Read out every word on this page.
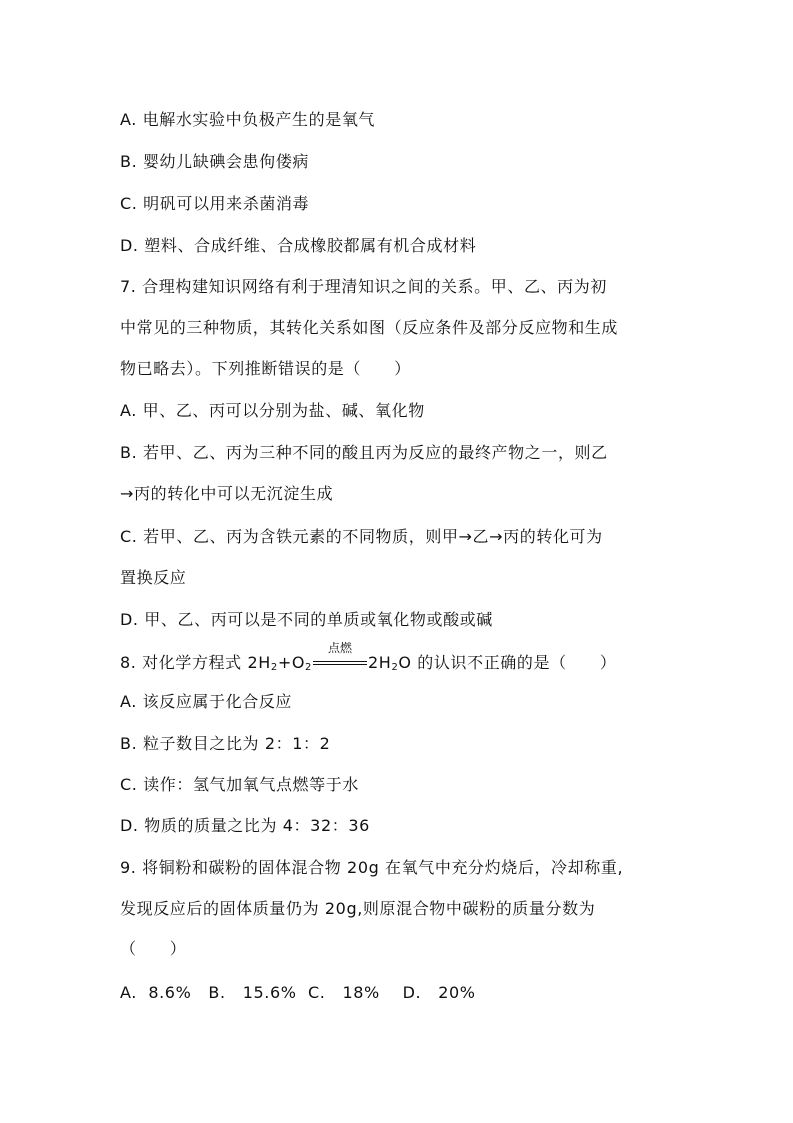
A. 电解水实验中负极产生的是氧气
B. 婴幼儿缺碘会患佝偻病
C. 明矾可以用来杀菌消毒
D. 塑料、合成纤维、合成橡胶都属有机合成材料
7. 合理构建知识网络有利于理清知识之间的关系。甲、乙、丙为初
中常见的三种物质，其转化关系如图（反应条件及部分反应物和生成
物已略去）。下列推断错误的是（　　）
A. 甲、乙、丙可以分别为盐、碱、氧化物
B. 若甲、乙、丙为三种不同的酸且丙为反应的最终产物之一，则乙
→丙的转化中可以无沉淀生成
C. 若甲、乙、丙为含铁元素的不同物质，则甲→乙→丙的转化可为
置换反应
D. 甲、乙、丙可以是不同的单质或氧化物或酸或碱
8. 对化学方程式 $2H_2+O_2$
点燃
$2H_2O$ 的认识不正确的是（　　）
A. 该反应属于化合反应
B. 粒子数目之比为 2：1：2
C. 读作：氢气加氧气点燃等于水
D. 物质的质量之比为 4：32：36
9. 将铜粉和碳粉的固体混合物 20g 在氧气中充分灼烧后，冷却称重,
发现反应后的固体质量仍为 20g,则原混合物中碳粉的质量分数为
（　　）
A.  8.6%   B.   15.6%  C.   18%    D.   20%
